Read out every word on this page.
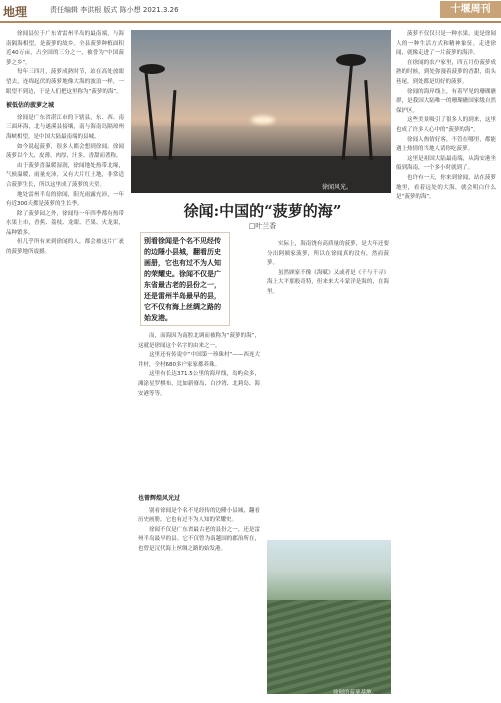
地理	责任编辑 李洪根 版式 陈小想 2021.3.26	十堰周刊

徐闻县位于广东省雷州半岛的最南端，与海南隔海相望，是菠萝的故乡。全县菠萝种植面积近40万亩，占全国的三分之一，被誉为“中国菠萝之乡”。

每年三四月，菠萝成熟时节，站在高处放眼望去，连绵起伏的菠萝地像大海的波浪一样，一眼望不到边，于是人们把这里称为“菠萝的海”。

被低估的菠萝之城

徐闻是广东省湛江市的下辖县，东、西、南三面环海，北与遂溪县接壤，南与海南岛隔琼州海峡相望，是中国大陆最南端的县城。

如今说起菠萝，很多人都会想到徐闻。徐闻菠萝以个大、皮薄、肉厚、汁多、香甜而著称。

由于菠萝喜温暖湿润，徐闻地处热带北缘，气候温暖，雨量充沛，又有大片红土地，非常适合菠萝生长，所以这里成了菠萝的天堂。

地处雷州半岛的徐闻，阳光雨露充沛，一年有近300天都是菠萝的生长季。

除了菠萝园之外，徐闻每一年四季都有热带水果上市，香蕉、荔枝、龙眼、芒果、火龙果，品种繁多。

但几乎所有来到徐闻的人，都会被这片广袤的菠萝地所震撼。

徐闻风光。
徐闻:中国的“菠萝的海”
□叶兰香
别看徐闻是个名不见经传的边陲小县城，翻看历史画册，它也有过不为人知的荣耀史。徐闻不仅是广东省最古老的县份之一，还是雷州半岛最早的县，它不仅有海上丝绸之路的始发港。

而，而海因为南腔北调而被称为“菠萝的海”，这就是徐闻这个名字的由来之一。

这里还有传说中“中国第一珍珠村”——西连大井村，全村680多户家家都养珠。

这里有长达371.5公里的海岸线，岛屿众多，滩涂星罗棋布，比如新寮岛、白沙湾、北莉岛、海安港等等。

也曾辉煌风光过

别看徐闻是个名不见经传的边陲小县城，翻看历史画册，它也有过不为人知的荣耀史。

徐闻不仅是广东省最古老的县份之一，还是雷州半岛最早的县。它不仅曾为南越国的郡治所在，也曾是汉代海上丝绸之路的始发港。

实际上，海南饶有高质量的菠萝，是大年还要分出阿姨家菠萝，所以在徐闻真的没有，然而菠萝。

虽然顾家不像《海赋》又或者是《千与千寻》海上大平那般奇特，但来来大斗蒙洋是海的，在海里。

徐闻的菠萝基地。

菠萝不仅仅只是一种水果，更是徐闻人的一种生活方式和精神象征。走进徐闻，就像走进了一片菠萝的海洋。

在徐闻的农户家里，四五月份菠萝成熟的时候，到处弥漫着菠萝的香甜，街头巷尾，到处都是切好的菠萝。

徐闻的海岸线上，有着罕见的珊瑚礁群，是我国大陆唯一的珊瑚礁国家级自然保护区。

这些美景吸引了很多人的到来，这里也成了许多人心中的“菠萝的海”。

徐闻人热情好客，不管在哪里，都能遇上热情的当地人请你吃菠萝。

这里是祖国大陆最南端，从海安港坐船到海南，一个多小时就到了。

也许有一天，你来到徐闻，站在菠萝地里，看着远处的大海，就会明白什么是“菠萝的海”。
